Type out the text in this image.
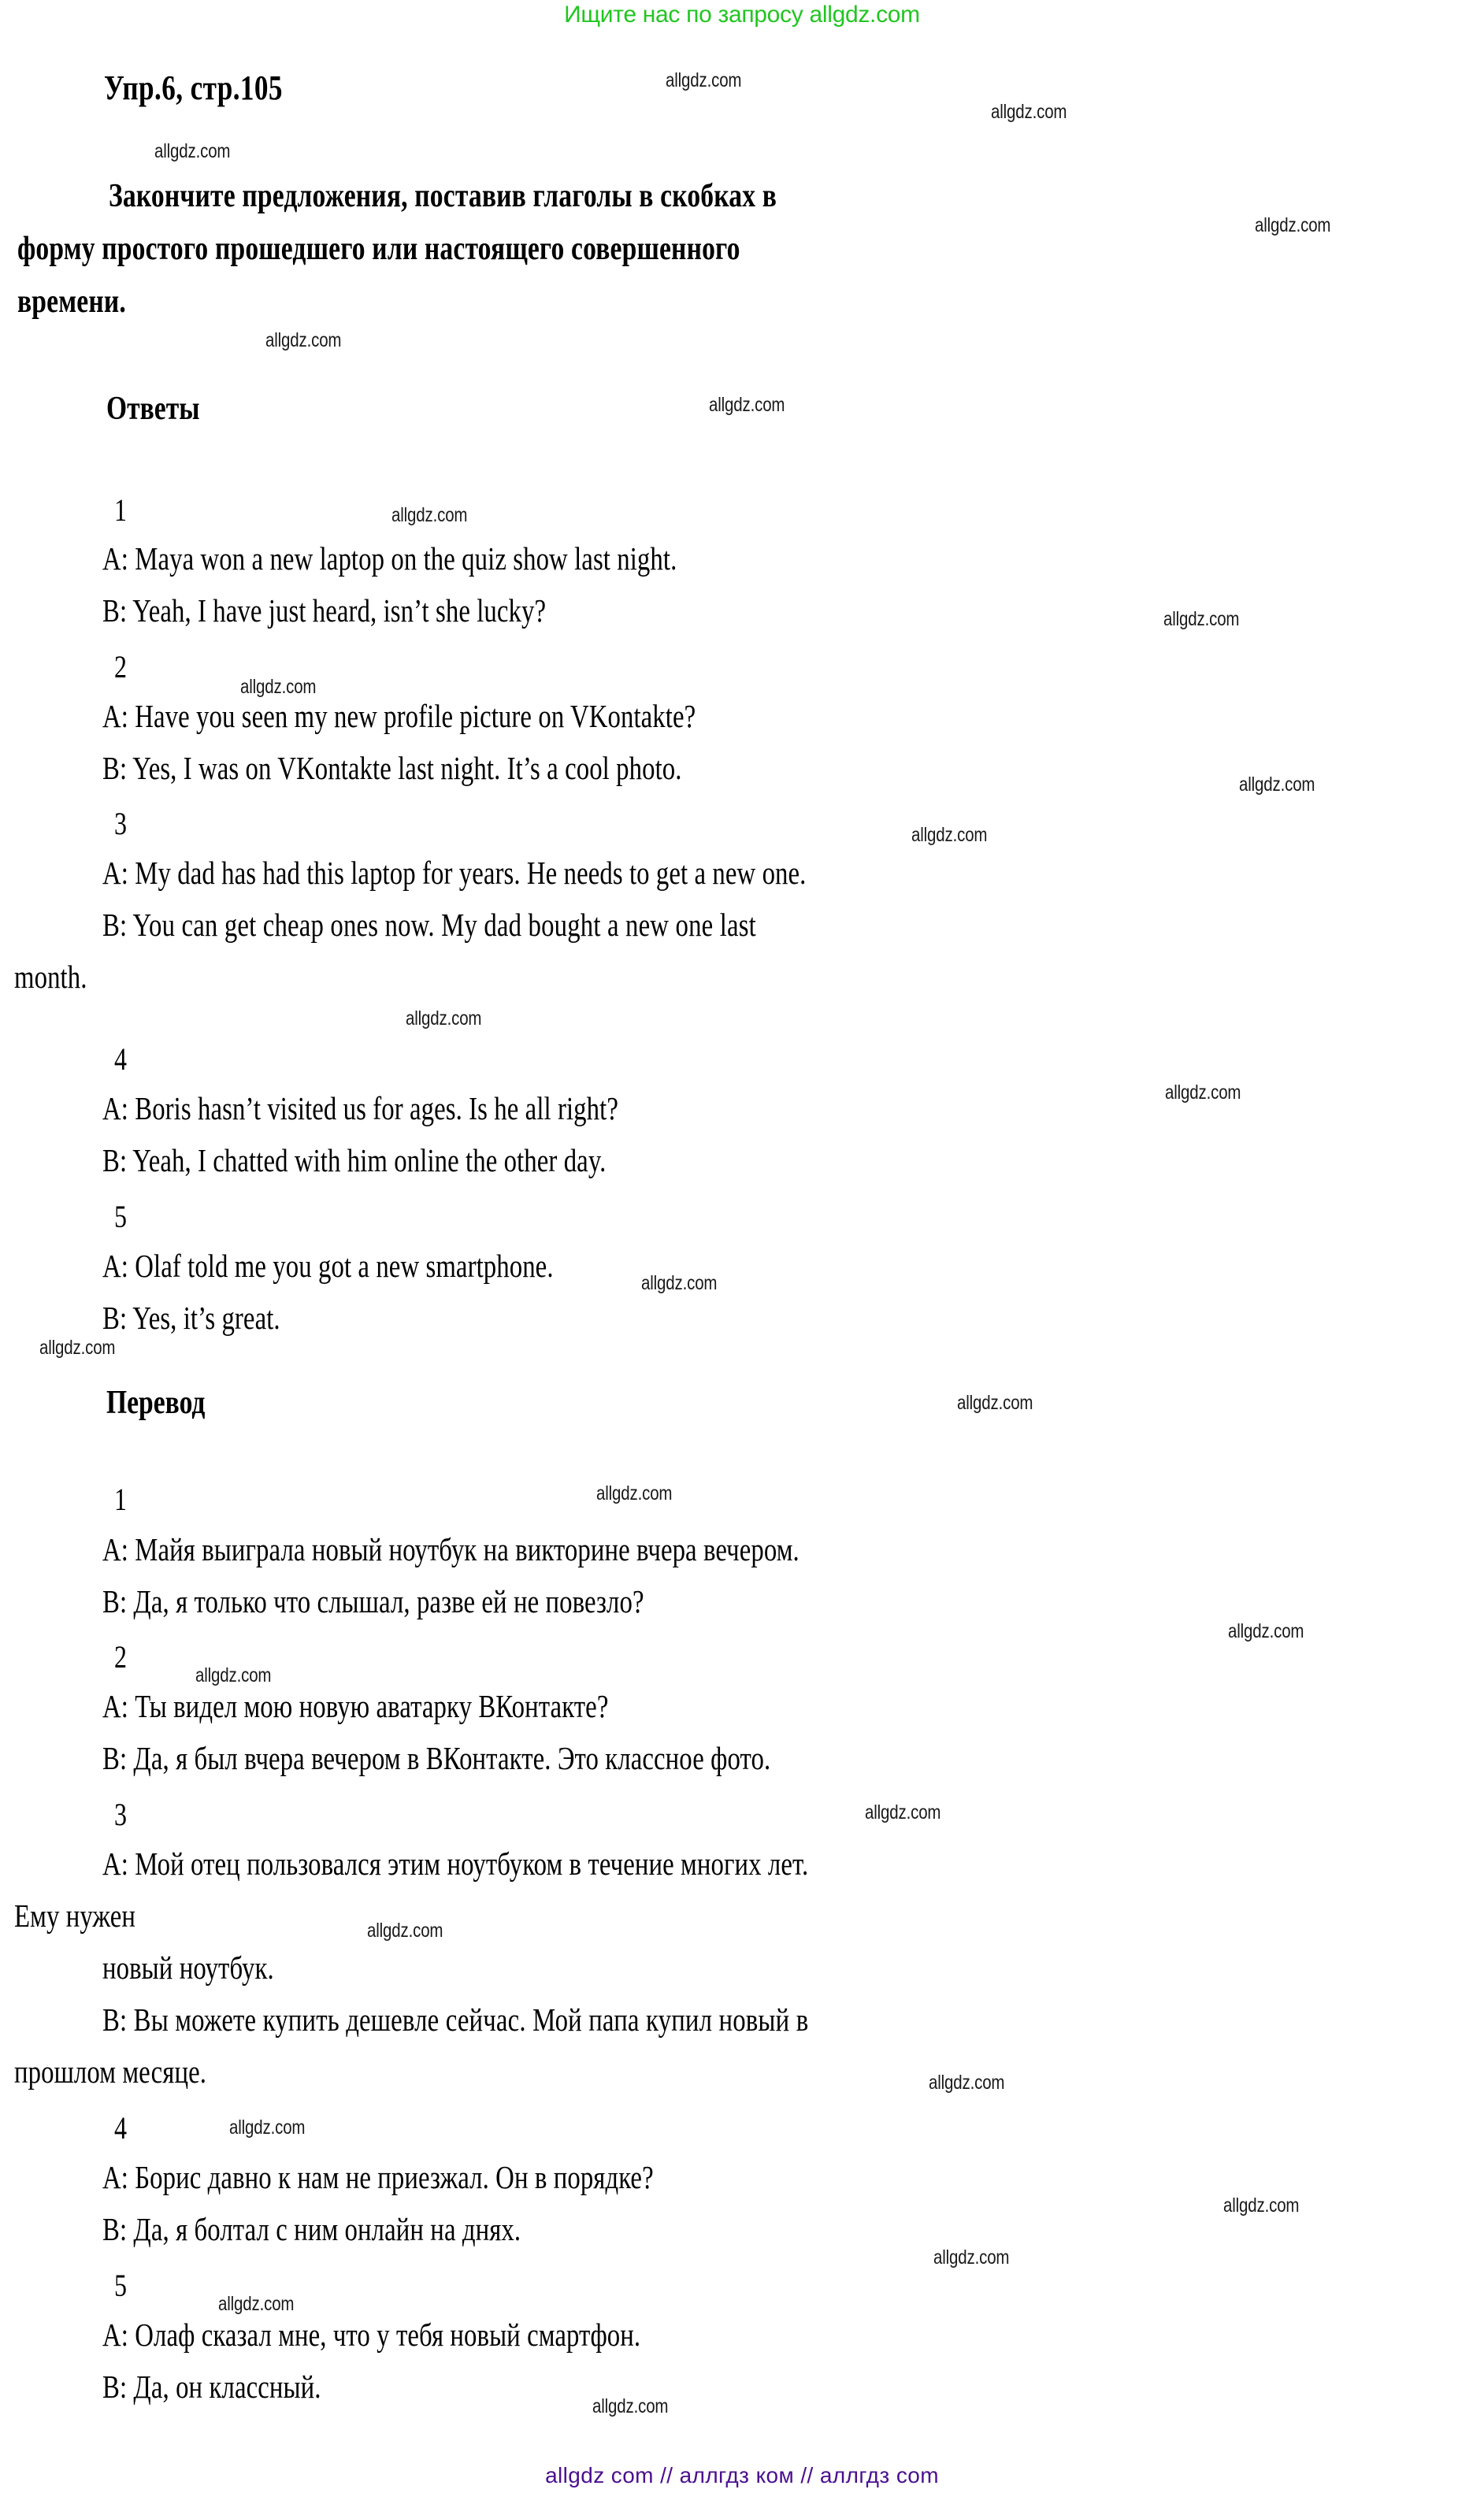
Ищите нас по запросу allgdz.com
Упр.6, стр.105
Закончите предложения, поставив глаголы в скобках в
форму простого прошедшего или настоящего совершенного
времени.
Ответы
1
A: Maya won a new laptop on the quiz show last night.
B: Yeah, I have just heard, isn’t she lucky?
2
A: Have you seen my new profile picture on VKontakte?
B: Yes, I was on VKontakte last night. It’s a cool photo.
3
A: My dad has had this laptop for years. He needs to get a new one.
B: You can get cheap ones now. My dad bought a new one last
month.
4
A: Boris hasn’t visited us for ages. Is he all right?
B: Yeah, I chatted with him online the other day.
5
A: Olaf told me you got a new smartphone.
B: Yes, it’s great.
Перевод
1
A: Майя выиграла новый ноутбук на викторине вчера вечером.
B: Да, я только что слышал, разве ей не повезло?
2
A: Ты видел мою новую аватарку ВКонтакте?
B: Да, я был вчера вечером в ВКонтакте. Это классное фото.
3
A: Мой отец пользовался этим ноутбуком в течение многих лет.
Ему нужен
новый ноутбук.
B: Вы можете купить дешевле сейчас. Мой папа купил новый в
прошлом месяце.
4
A: Борис давно к нам не приезжал. Он в порядке?
B: Да, я болтал с ним онлайн на днях.
5
A: Олаф сказал мне, что у тебя новый смартфон.
B: Да, он классный.
allgdz.com
allgdz.com
allgdz.com
allgdz.com
allgdz.com
allgdz.com
allgdz.com
allgdz.com
allgdz.com
allgdz.com
allgdz.com
allgdz.com
allgdz.com
allgdz.com
allgdz.com
allgdz.com
allgdz.com
allgdz.com
allgdz.com
allgdz.com
allgdz.com
allgdz.com
allgdz.com
allgdz.com
allgdz.com
allgdz.com
allgdz.com
allgdz com // аллгдз ком // аллгдз com
